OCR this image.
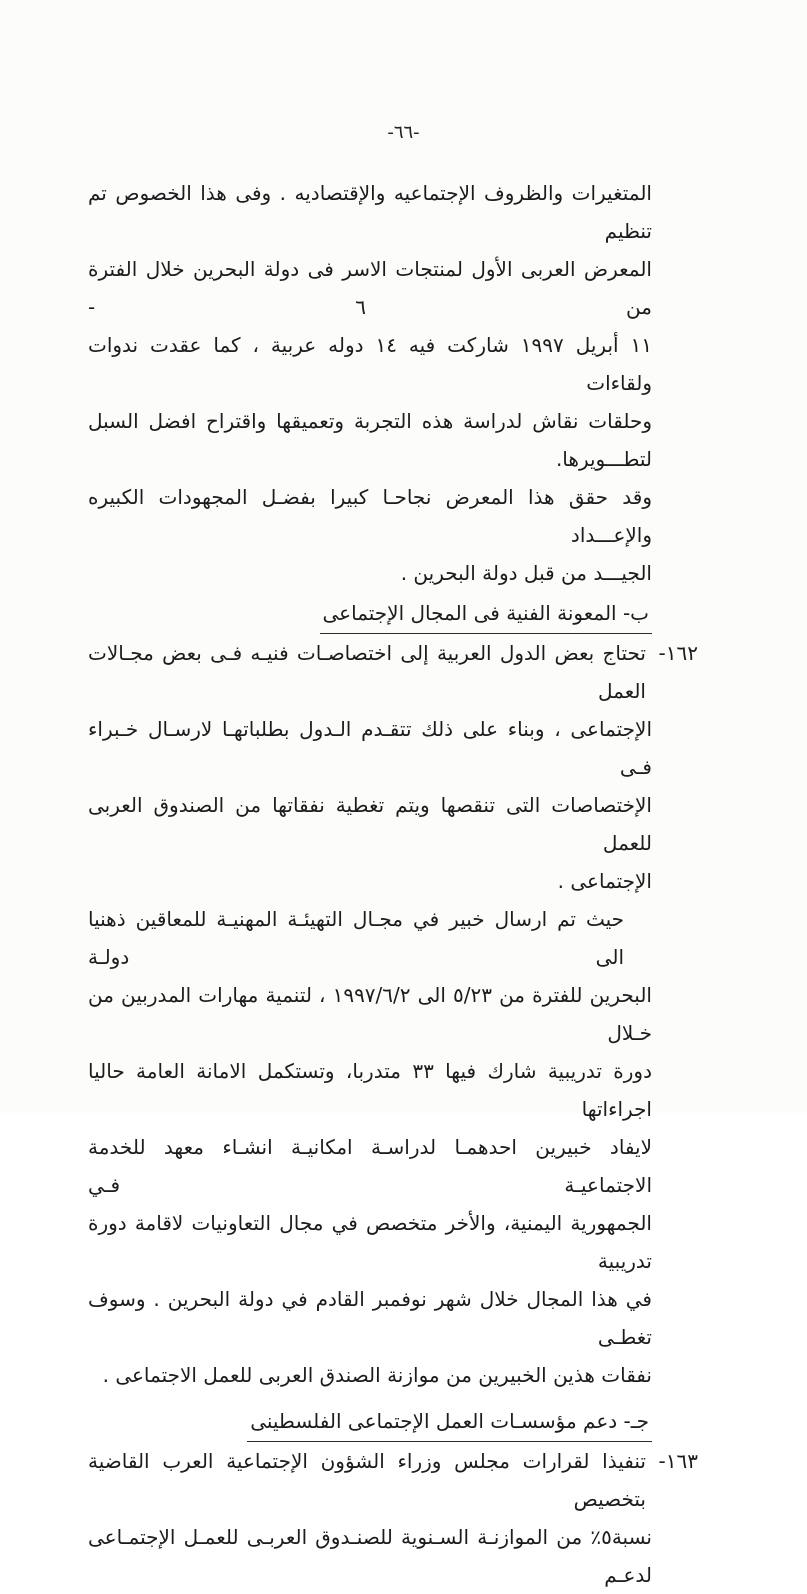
-٦٦-
المتغيرات والظروف الإجتماعيه والإقتصاديه . وفى هذا الخصوص تم تنظيم
المعرض العربى الأول لمنتجات الاسر فى دولة البحرين خلال الفترة من ٦ -
١١ أبريل ١٩٩٧ شاركت فيه ١٤ دوله عربية ، كما عقدت ندوات ولقاءات
وحلقات نقاش لدراسة هذه التجربة وتعميقها واقتراح افضل السبل لتطـــويرها.
وقد حقق هذا المعرض نجاحـا كبيرا بفضـل المجهودات الكبيره والإعـــداد
الجيـــد من قبل دولة البحرين .
ب- المعونة الفنية فى المجال الإجتماعى
١٦٢-
تحتاج بعض الدول العربية إلى اختصاصـات فنيـه فـى بعض مجـالات العمل
الإجتماعى ، وبناء على ذلك تتقـدم الـدول بطلباتهـا لارسـال خـبراء فـى
الإختصاصات التى تنقصها ويتم تغطية نفقاتها من الصندوق العربى للعمل
الإجتماعى .
حيث تم ارسال خبير في مجـال التهيئـة المهنيـة للمعاقين ذهنيا الى دولـة
البحرين للفترة من ٥/٢٣ الى ١٩٩٧/٦/٢ ، لتنمية مهارات المدربين من خـلال
دورة تدريبية شارك فيها ٣٣ متدربا، وتستكمل الامانة العامة حاليا اجراءاتها
لايفاد خبيرين احدهمـا لدراسـة امكانيـة انشـاء معهد للخدمة الاجتماعيـة فـي
الجمهورية اليمنية، والأخر متخصص في مجال التعاونيات لاقامة دورة تدريبية
في هذا المجال خلال شهر نوفمبر القادم في دولة البحرين . وسوف تغطـى
نفقات هذين الخبيرين من موازنة الصندق العربى للعمل الاجتماعى .
جـ- دعم مؤسسـات العمل الإجتماعى الفلسطينى
١٦٣-
تنفيذا لقرارات مجلس وزراء الشؤون الإجتماعية العرب القاضية بتخصيص
نسبة٥٪ من الموازنـة السـنوية للصنـدوق العربـى للعمـل الإجتمـاعى لدعـم
